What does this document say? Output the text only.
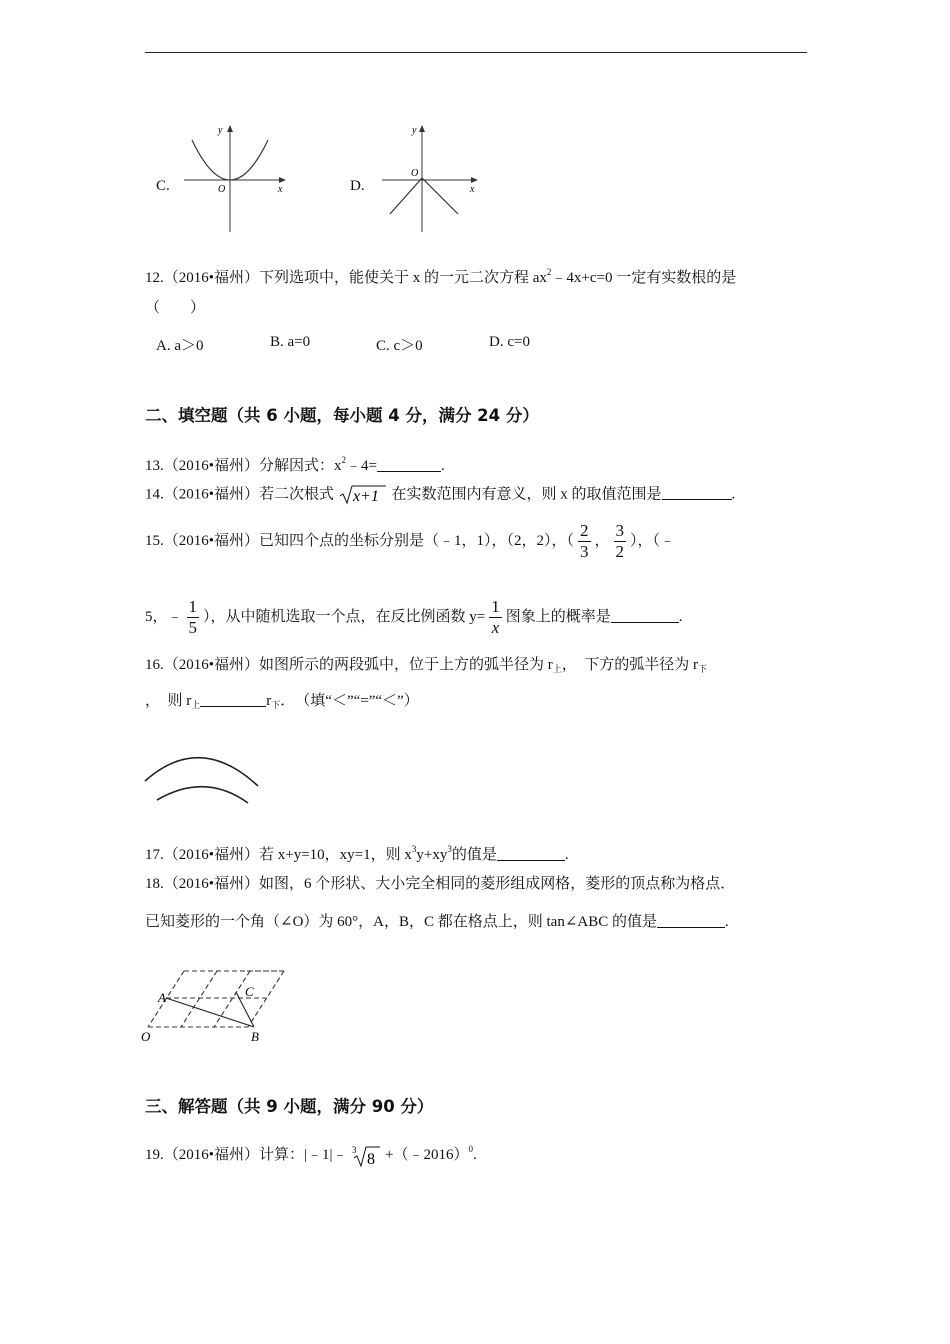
C.
y
O	x	D.
y
O
x
12.（2016•福州）下列选项中，能使关于 x 的一元二次方程 $ax^2﹣4x+c=0$ 一定有实数根的是
（　　）
A. a＞0	B. a=0	C. c＞0	D. c=0
二、填空题（共 6 小题，每小题 4 分，满分 24 分）
13.（2016•福州）分解因式：$x^2﹣4=$	.
14.（2016•福州）若二次根式 x+1 在实数范围内有意义，则 x 的取值范围是	.
15.（2016•福州）已知四个点的坐标分别是（﹣1，1），（2，2），（ $\frac{2}{3}$ ， $\frac{3}{2}$ ），（﹣
5，﹣ $\frac{1}{5}$ ），从中随机选取一个点，在反比例函数 $y= \frac{1}{x}$ 图象上的概率是	.
16.（2016•福州）如图所示的两段弧中，位于上方的弧半径为 $r_上$，　下方的弧半径为 $r_下$
，　则 $r_上$	$r_下$．　（填“＜”“=”“＜”）
17.（2016•福州）若 x+y=10，xy=1，则 $x^3y+xy^3$的值是	.
18.（2016•福州）如图，6 个形状、大小完全相同的菱形组成网格，菱形的顶点称为格点．
已知菱形的一个角（∠O）为 60°，A，B，C 都在格点上，则 tan∠ABC 的值是	.
A	C
B
O
三、解答题（共 9 小题，满分 90 分）
19.（2016•福州）计算：|﹣1|﹣ 3
8 +（﹣2016）$^0$.
